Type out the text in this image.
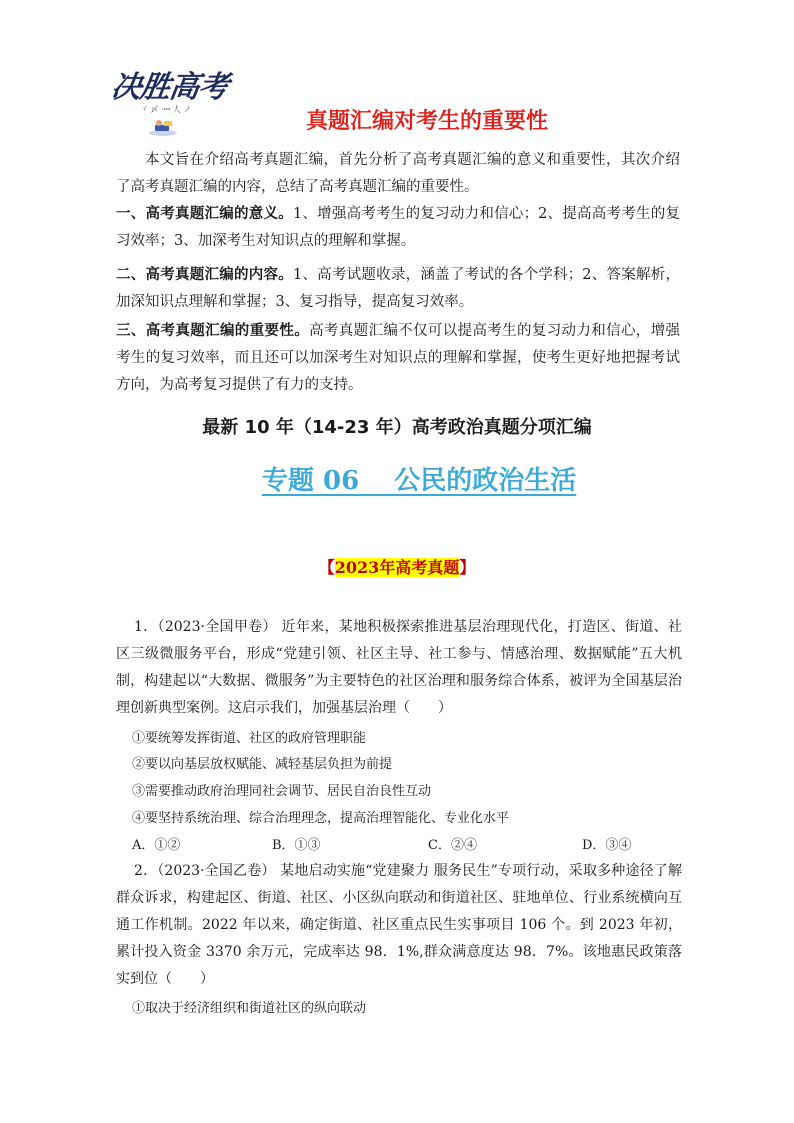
决胜高考
ヾ 〆 ·ꟷ 人 ノ	真题汇编对考生的重要性

本文旨在介绍高考真题汇编，首先分析了高考真题汇编的意义和重要性，其次介绍了高考真题汇编的内容，总结了高考真题汇编的重要性。

一、高考真题汇编的意义。1、增强高考考生的复习动力和信心；2、提高高考考生的复习效率；3、加深考生对知识点的理解和掌握。

二、高考真题汇编的内容。1、高考试题收录，涵盖了考试的各个学科；2、答案解析，加深知识点理解和掌握；3、复习指导，提高复习效率。

三、高考真题汇编的重要性。高考真题汇编不仅可以提高考生的复习动力和信心，增强考生的复习效率，而且还可以加深考生对知识点的理解和掌握，使考生更好地把握考试方向，为高考复习提供了有力的支持。

最新 10 年（14-23 年）高考政治真题分项汇编
专题 06　 公民的政治生活
【2023年高考真题】

1．（2023·全国甲卷） 近年来，某地积极探索推进基层治理现代化，打造区、街道、社区三级微服务平台，形成“党建引领、社区主导、社工参与、情感治理、数据赋能”五大机制，构建起以“大数据、微服务”为主要特色的社区治理和服务综合体系，被评为全国基层治理创新典型案例。这启示我们，加强基层治理（　　）

①要统筹发挥街道、社区的政府管理职能
②要以向基层放权赋能、减轻基层负担为前提
③需要推动政府治理同社会调节、居民自治良性互动
④要坚持系统治理、综合治理理念，提高治理智能化、专业化水平
A．①②	B．①③	C．②④	D．③④

2．（2023·全国乙卷） 某地启动实施“党建聚力 服务民生”专项行动，采取多种途径了解群众诉求，构建起区、街道、社区、小区纵向联动和街道社区、驻地单位、行业系统横向互通工作机制。2022 年以来，确定街道、社区重点民生实事项目 106 个。到 2023 年初，累计投入资金 3370 余万元，完成率达 98．1%,群众满意度达 98．7%。该地惠民政策落实到位（　　）

①取决于经济组织和街道社区的纵向联动
